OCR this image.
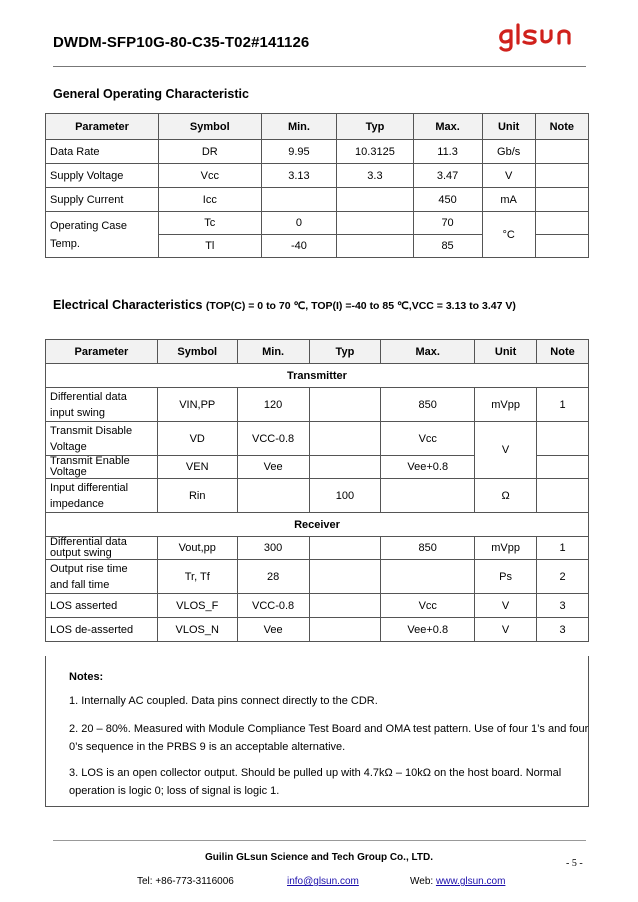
DWDM-SFP10G-80-C35-T02#141126
General Operating Characteristic
Parameter	Symbol	Min.	Typ	Max.	Unit	Note
Data Rate	DR	9.95	10.3125	11.3	Gb/s	
Supply Voltage	Vcc	3.13	3.3	3.47	V	
Supply Current	Icc			450	mA	
Operating Case
Temp.	Tc	0		70	°C	
	Tl	-40		85		
Electrical Characteristics (TOP(C) = 0 to 70 ℃, TOP(I) =-40 to 85 ℃,VCC = 3.13 to 3.47 V)
Parameter	Symbol	Min.	Typ	Max.	Unit	Note
Transmitter						
Differential data
input swing	VIN,PP	120		850	mVpp	1
Transmit Disable
Voltage	VD	VCC-0.8		Vcc	V	
Transmit Enable
Voltage	VEN	Vee		Vee+0.8		
Input differential
impedance	Rin		100		Ω	
Receiver						
Differential data
output swing	Vout,pp	300		850	mVpp	1
Output rise time
and fall time	Tr, Tf	28			Ps	2
LOS asserted	VLOS_F	VCC-0.8		Vcc	V	3
LOS de-asserted	VLOS_N	Vee		Vee+0.8	V	3
Notes:
1. Internally AC coupled. Data pins connect directly to the CDR.
2. 20 – 80%. Measured with Module Compliance Test Board and OMA test pattern. Use of four 1’s and four 0’s sequence in the PRBS 9 is an acceptable alternative.
3. LOS is an open collector output. Should be pulled up with 4.7kΩ – 10kΩ on the host board. Normal operation is logic 0; loss of signal is logic 1.
Guilin GLsun Science and Tech Group Co., LTD.
- 5 -
Tel: +86-773-3116006	info@glsun.com	Web: www.glsun.com
